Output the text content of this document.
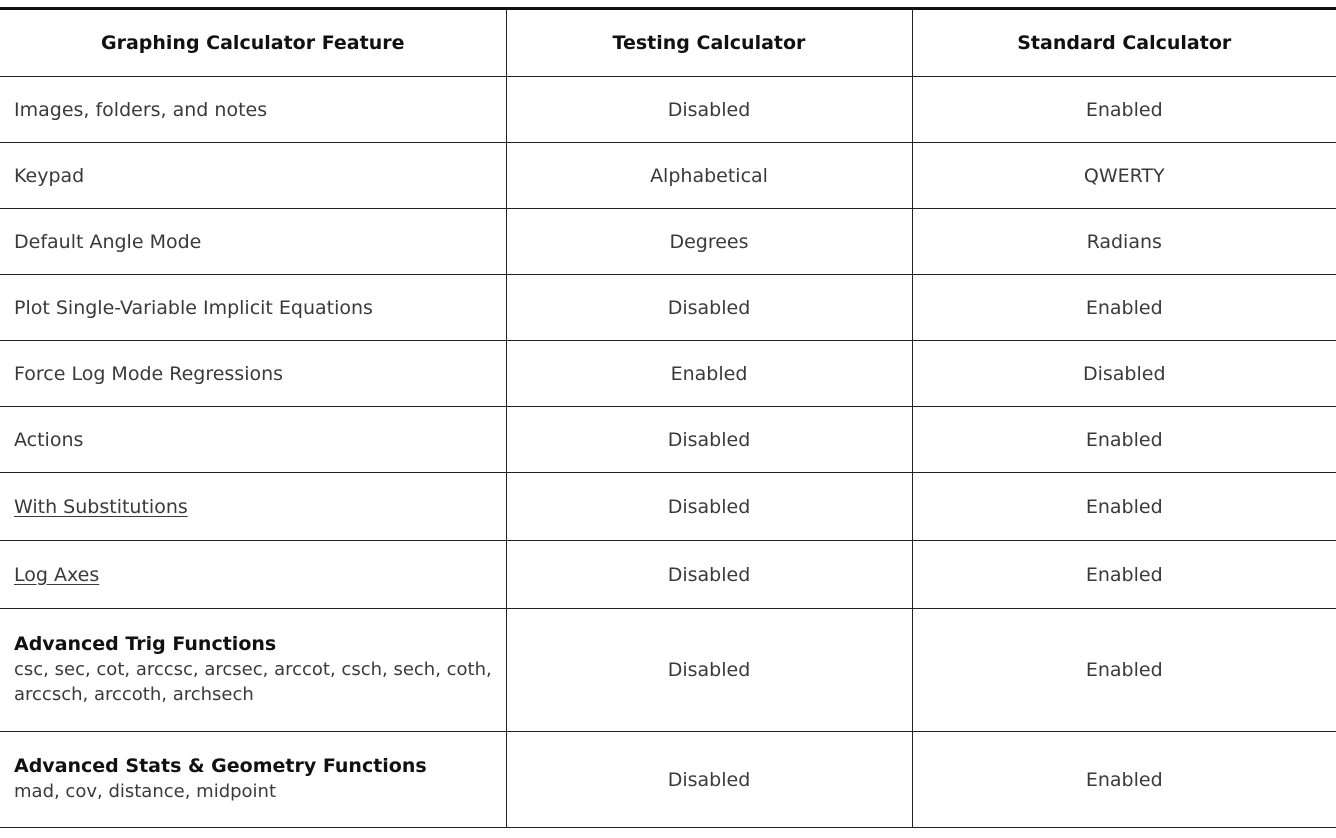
Graphing Calculator Feature	Testing Calculator	Standard Calculator
Images, folders, and notes	Disabled	Enabled
Keypad	Alphabetical	QWERTY
Default Angle Mode	Degrees	Radians
Plot Single-Variable Implicit Equations	Disabled	Enabled
Force Log Mode Regressions	Enabled	Disabled
Actions	Disabled	Enabled
With Substitutions	Disabled	Enabled
Log Axes	Disabled	Enabled

Advanced Trig Functions
csc, sec, cot, arccsc, arcsec, arccot, csch, sech, coth, arccsch, arccoth, archsech	Disabled	Enabled

Advanced Stats & Geometry Functions
mad, cov, distance, midpoint	Disabled	Enabled
